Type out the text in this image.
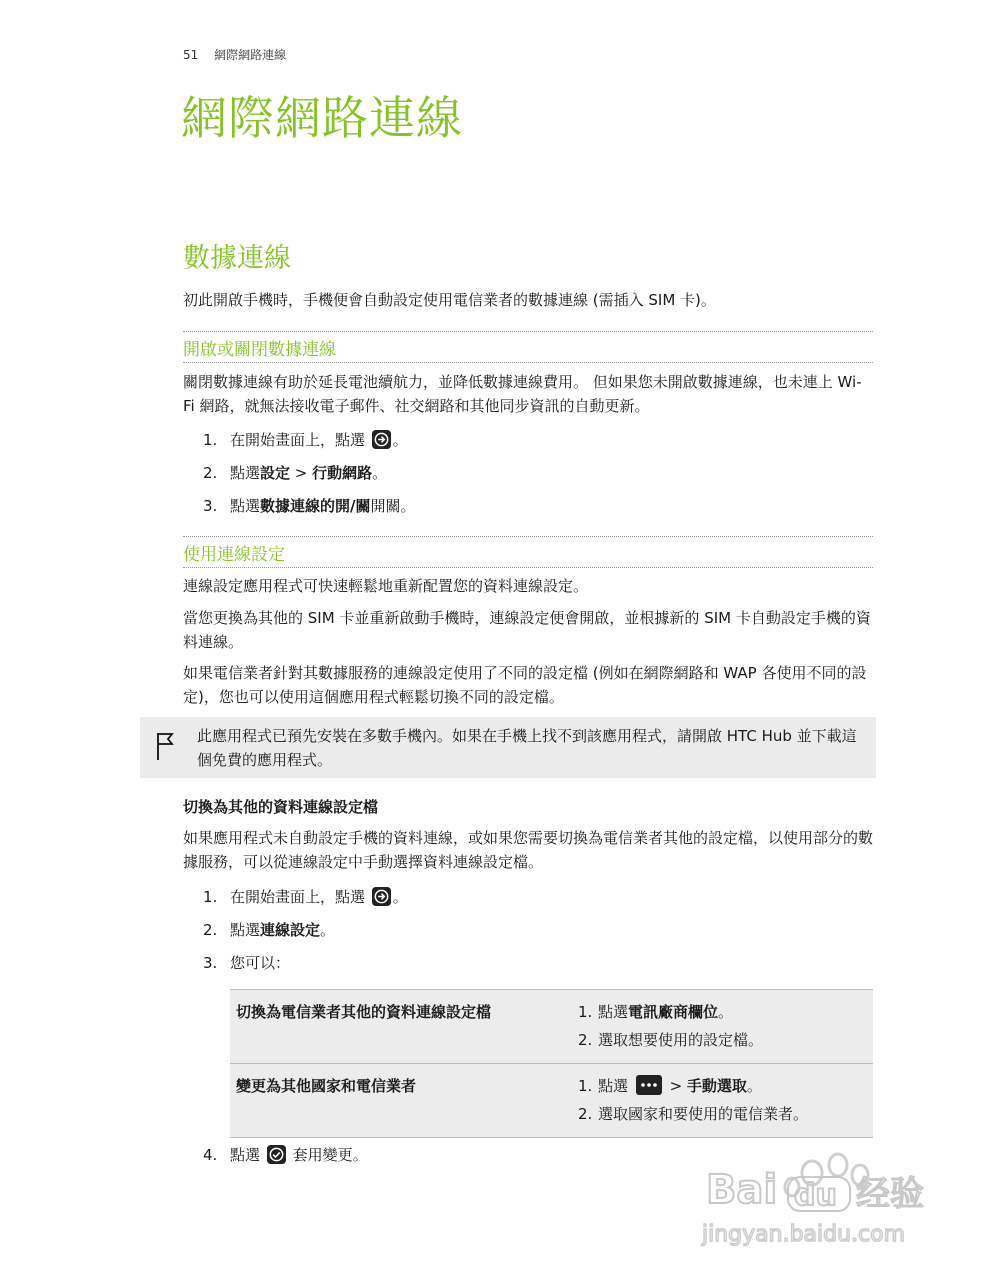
51 網際網路連線
網際網路連線
數據連線
初此開啟手機時，手機便會自動設定使用電信業者的數據連線 (需插入 SIM 卡)。
開啟或關閉數據連線
關閉數據連線有助於延長電池續航力，並降低數據連線費用。 但如果您未開啟數據連線，也未連上 Wi-Fi 網路，就無法接收電子郵件、社交網路和其他同步資訊的自動更新。
1. 在開始畫面上，點選 。
2. 點選設定 > 行動網路。
3. 點選數據連線的開/關開關。
使用連線設定
連線設定應用程式可快速輕鬆地重新配置您的資料連線設定。
當您更換為其他的 SIM 卡並重新啟動手機時，連線設定便會開啟，並根據新的 SIM 卡自動設定手機的資料連線。
如果電信業者針對其數據服務的連線設定使用了不同的設定檔 (例如在網際網路和 WAP 各使用不同的設定)，您也可以使用這個應用程式輕鬆切換不同的設定檔。
此應用程式已預先安裝在多數手機內。如果在手機上找不到該應用程式，請開啟 HTC Hub 並下載這個免費的應用程式。
切換為其他的資料連線設定檔
如果應用程式未自動設定手機的資料連線，或如果您需要切換為電信業者其他的設定檔，以使用部分的數據服務，可以從連線設定中手動選擇資料連線設定檔。
1. 在開始畫面上，點選 。
2. 點選連線設定。
3. 您可以：
切換為電信業者其他的資料連線設定檔	1. 點選電訊廠商欄位。
2. 選取想要使用的設定檔。

變更為其他國家和電信業者	1. 點選  > 手動選取。
2. 選取國家和要使用的電信業者。
4. 點選 套用變更。
Bai du 经验
jingyan.baidu.com
